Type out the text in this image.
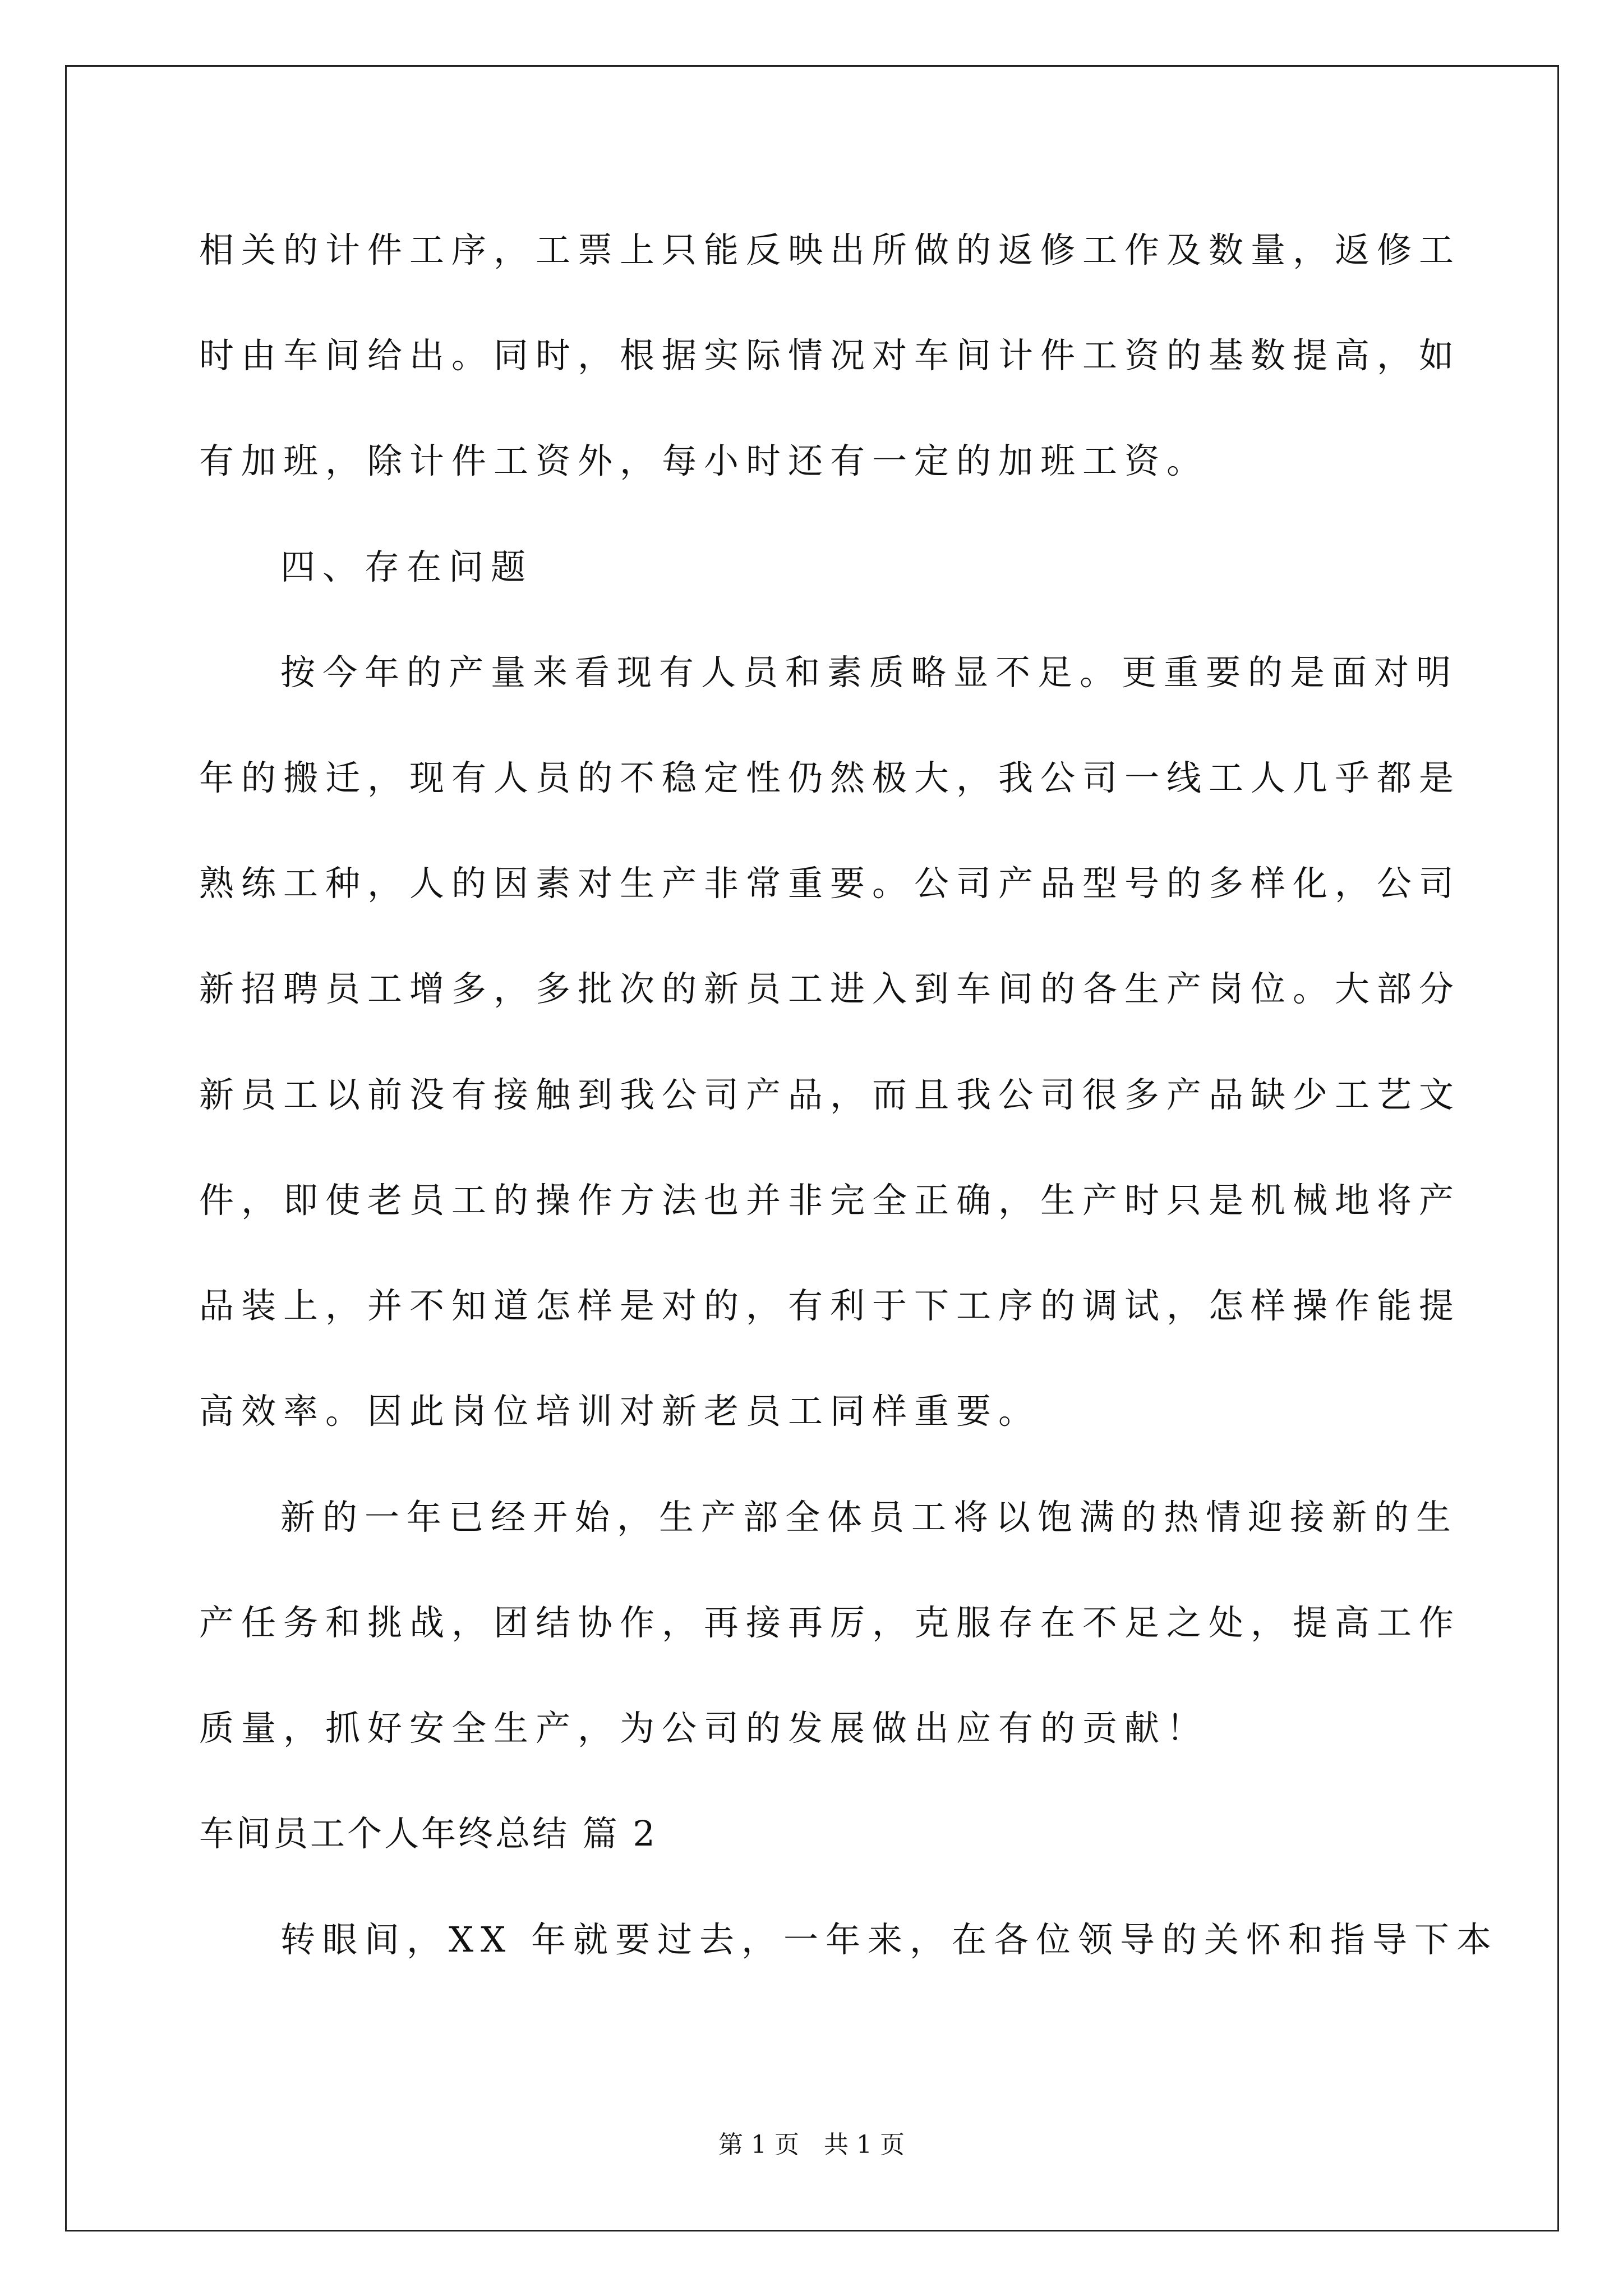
相关的计件工序，工票上只能反映出所做的返修工作及数量，返修工
时由车间给出。同时，根据实际情况对车间计件工资的基数提高，如
有加班，除计件工资外，每小时还有一定的加班工资。
四、存在问题
按今年的产量来看现有人员和素质略显不足。更重要的是面对明
年的搬迁，现有人员的不稳定性仍然极大，我公司一线工人几乎都是
熟练工种，人的因素对生产非常重要。公司产品型号的多样化，公司
新招聘员工增多，多批次的新员工进入到车间的各生产岗位。大部分
新员工以前没有接触到我公司产品，而且我公司很多产品缺少工艺文
件，即使老员工的操作方法也并非完全正确，生产时只是机械地将产
品装上，并不知道怎样是对的，有利于下工序的调试，怎样操作能提
高效率。因此岗位培训对新老员工同样重要。
新的一年已经开始，生产部全体员工将以饱满的热情迎接新的生
产任务和挑战，团结协作，再接再厉，克服存在不足之处，提高工作
质量，抓好安全生产，为公司的发展做出应有的贡献！
车间员工个人年终总结 篇 2
转眼间，XX 年就要过去，一年来，在各位领导的关怀和指导下本
第 1 页 共 1 页
